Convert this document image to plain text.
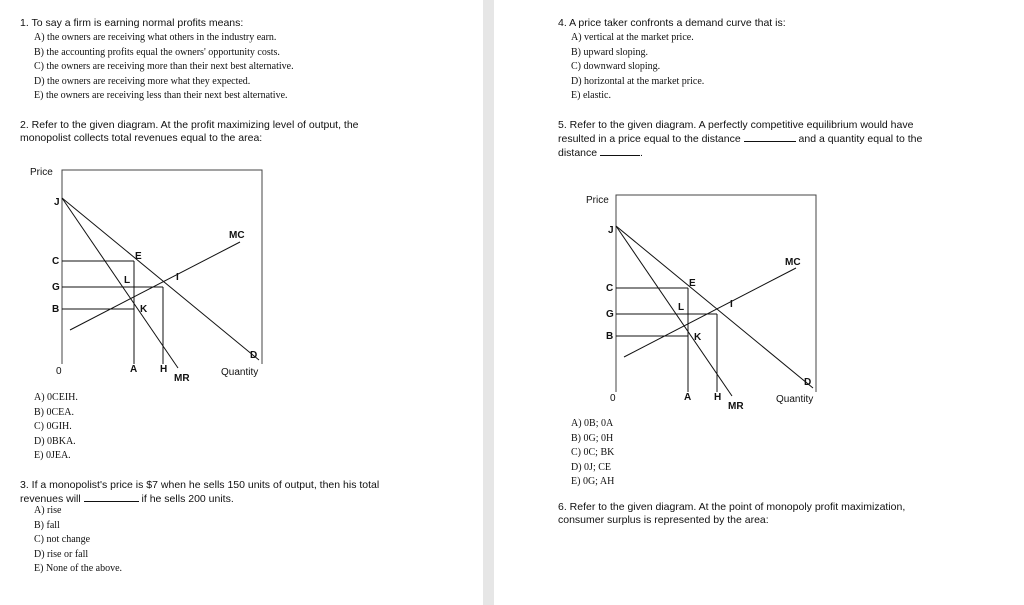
1. To say a firm is earning normal profits means:
A) the owners are receiving what others in the industry earn.
B) the accounting profits equal the owners' opportunity costs.
C) the owners are receiving more than their next best alternative.
D) the owners are receiving more what they expected.
E) the owners are receiving less than their next best alternative.
2. Refer to the given diagram. At the profit maximizing level of output, the
monopolist collects total revenues equal to the area:
Price
J
C
G
B
0
E
L	I
K
MC
D
A H
MR
Quantity
A) 0CEIH.
B) 0CEA.
C) 0GIH.
D) 0BKA.
E) 0JEA.
3. If a monopolist's price is $7 when he sells 150 units of output, then his total
revenues will	if he sells 200 units.
A) rise
B) fall
C) not change
D) rise or fall
E) None of the above.
4. A price taker confronts a demand curve that is:
A) vertical at the market price.
B) upward sloping.
C) downward sloping.
D) horizontal at the market price.
E) elastic.
5. Refer to the given diagram. A perfectly competitive equilibrium would have
resulted in a price equal to the distance	and a quantity equal to the
distance	.
Price
J
C
G
B
0
E
L	I
K
MC
D
A H
MR
Quantity
A) 0B; 0A
B) 0G; 0H
C) 0C; BK
D) 0J; CE
E) 0G; AH
6. Refer to the given diagram. At the point of monopoly profit maximization,
consumer surplus is represented by the area:
